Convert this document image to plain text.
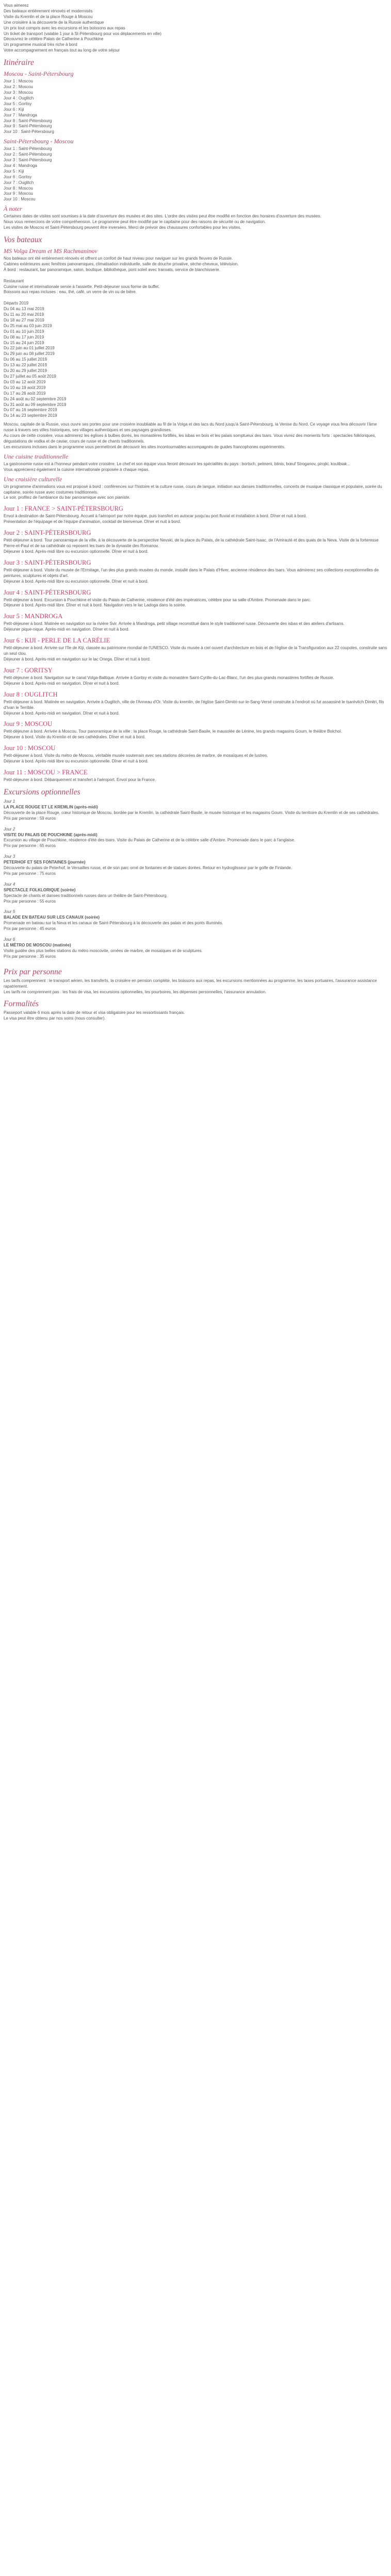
Vous aimerez
Des bateaux entièrement rénovés et modernisés
Visite du Kremlin et de la place Rouge à Moscou
Une croisière à la découverte de la Russie authentique
Un prix tout compris avec les excursions et les boissons aux repas
Un ticket de transport (valable 1 jour à St-Pétersbourg pour vos déplacements en ville)
Découvrez le célèbre Palais de Catherine à Pouchkine
Un programme musical très riche à bord
Votre accompagnement en français tout au long de votre séjour
Itinéraire
Moscou - Saint-Pétersbourg
Jour 1 : Moscou
Jour 2 : Moscou
Jour 3 : Moscou
Jour 4 : Ouglitch
Jour 5 : Goritsy
Jour 6 : Kiji
Jour 7 : Mandroga
Jour 8 : Saint-Pétersbourg
Jour 9 : Saint-Pétersbourg
Jour 10 : Saint-Pétersbourg
Saint-Pétersbourg - Moscou
Jour 1 : Saint-Pétersbourg
Jour 2 : Saint-Pétersbourg
Jour 3 : Saint-Pétersbourg
Jour 4 : Mandroga
Jour 5 : Kiji
Jour 6 : Goritsy
Jour 7 : Ouglitch
Jour 8 : Moscou
Jour 9 : Moscou
Jour 10 : Moscou
À noter
Certaines dates de visites sont soumises à la date d'ouverture des musées et des sites. L'ordre des visites peut être modifié en fonction des horaires d'ouverture des musées.
Nous vous remercions de votre compréhension. Le programme peut être modifié par le capitaine pour des raisons de sécurité ou de navigation.
Les visites de Moscou et Saint-Pétersbourg peuvent être inversées. Merci de prévoir des chaussures confortables pour les visites.
Vos bateaux
MS Volga Dream et MS Rachmaninov
Nos bateaux ont été entièrement rénovés et offrent un confort de haut niveau pour naviguer sur les grands fleuves de Russie.
Cabines extérieures avec fenêtres panoramiques, climatisation individuelle, salle de douche privative, sèche-cheveux, télévision.
À bord : restaurant, bar panoramique, salon, boutique, bibliothèque, pont soleil avec transats, service de blanchisserie.
Restaurant
Cuisine russe et internationale servie à l'assiette. Petit-déjeuner sous forme de buffet.
Boissons aux repas incluses : eau, thé, café, un verre de vin ou de bière.
Départs 2019
Du 04 au 13 mai 2019
Du 11 au 20 mai 2019
Du 18 au 27 mai 2019
Du 25 mai au 03 juin 2019
Du 01 au 10 juin 2019
Du 08 au 17 juin 2019
Du 15 au 24 juin 2019
Du 22 juin au 01 juillet 2019
Du 29 juin au 08 juillet 2019
Du 06 au 15 juillet 2019
Du 13 au 22 juillet 2019
Du 20 au 29 juillet 2019
Du 27 juillet au 05 août 2019
Du 03 au 12 août 2019
Du 10 au 19 août 2019
Du 17 au 26 août 2019
Du 24 août au 02 septembre 2019
Du 31 août au 09 septembre 2019
Du 07 au 16 septembre 2019
Du 14 au 23 septembre 2019
Moscou, capitale de la Russie, vous ouvre ses portes pour une croisière inoubliable au fil de la Volga et des lacs du Nord jusqu'à Saint-Pétersbourg, la Venise du Nord. Ce voyage vous fera découvrir l'âme russe à travers ses villes historiques, ses villages authentiques et ses paysages grandioses.
Au cours de cette croisière, vous admirerez les églises à bulbes dorés, les monastères fortifiés, les isbas en bois et les palais somptueux des tsars. Vous vivrez des moments forts : spectacles folkloriques, dégustations de vodka et de caviar, cours de russe et de chants traditionnels.
Les excursions incluses dans le programme vous permettront de découvrir les sites incontournables accompagnés de guides francophones expérimentés.
Une cuisine traditionnelle
La gastronomie russe est à l'honneur pendant votre croisière. Le chef et son équipe vous feront découvrir les spécialités du pays : bortsch, pelmeni, blinis, bœuf Stroganov, pirojki, koulibiak...
Vous apprécierez également la cuisine internationale proposée à chaque repas.
Une croisière culturelle
Un programme d'animations vous est proposé à bord : conférences sur l'histoire et la culture russe, cours de langue, initiation aux danses traditionnelles, concerts de musique classique et populaire, soirée du capitaine, soirée russe avec costumes traditionnels.
Le soir, profitez de l'ambiance du bar panoramique avec son pianiste.
Jour 1 : FRANCE > SAINT-PÉTERSBOURG
Envol à destination de Saint-Pétersbourg. Accueil à l'aéroport par notre équipe, puis transfert en autocar jusqu'au port fluvial et installation à bord. Dîner et nuit à bord.
Présentation de l'équipage et de l'équipe d'animation, cocktail de bienvenue. Dîner et nuit à bord.
Jour 2 : SAINT-PÉTERSBOURG
Petit-déjeuner à bord. Tour panoramique de la ville, à la découverte de la perspective Nevski, de la place du Palais, de la cathédrale Saint-Isaac, de l'Amirauté et des quais de la Neva. Visite de la forteresse Pierre-et-Paul et de sa cathédrale où reposent les tsars de la dynastie des Romanov.
Déjeuner à bord. Après-midi libre ou excursion optionnelle. Dîner et nuit à bord.
Jour 3 : SAINT-PÉTERSBOURG
Petit-déjeuner à bord. Visite du musée de l'Ermitage, l'un des plus grands musées du monde, installé dans le Palais d'Hiver, ancienne résidence des tsars. Vous admirerez ses collections exceptionnelles de peintures, sculptures et objets d'art.
Déjeuner à bord. Après-midi libre ou excursion optionnelle. Dîner et nuit à bord.
Jour 4 : SAINT-PÉTERSBOURG
Petit-déjeuner à bord. Excursion à Pouchkine et visite du Palais de Catherine, résidence d'été des impératrices, célèbre pour sa salle d'Ambre. Promenade dans le parc.
Déjeuner à bord. Après-midi libre. Dîner et nuit à bord. Navigation vers le lac Ladoga dans la soirée.
Jour 5 : MANDROGA
Petit-déjeuner à bord. Matinée en navigation sur la rivière Svir. Arrivée à Mandroga, petit village reconstitué dans le style traditionnel russe. Découverte des isbas et des ateliers d'artisans.
Déjeuner pique-nique. Après-midi en navigation. Dîner et nuit à bord.
Jour 6 : KIJI - PERLE DE LA CARÉLIE
Petit-déjeuner à bord. Arrivée sur l'île de Kiji, classée au patrimoine mondial de l'UNESCO. Visite du musée à ciel ouvert d'architecture en bois et de l'église de la Transfiguration aux 22 coupoles, construite sans un seul clou.
Déjeuner à bord. Après-midi en navigation sur le lac Onega. Dîner et nuit à bord.
Jour 7 : GORITSY
Petit-déjeuner à bord. Navigation sur le canal Volga-Baltique. Arrivée à Goritsy et visite du monastère Saint-Cyrille-du-Lac-Blanc, l'un des plus grands monastères fortifiés de Russie.
Déjeuner à bord. Après-midi en navigation. Dîner et nuit à bord.
Jour 8 : OUGLITCH
Petit-déjeuner à bord. Matinée en navigation. Arrivée à Ouglitch, ville de l'Anneau d'Or. Visite du kremlin, de l'église Saint-Dimitri-sur-le-Sang-Versé construite à l'endroit où fut assassiné le tsarévitch Dimitri, fils d'Ivan le Terrible.
Déjeuner à bord. Après-midi en navigation. Dîner et nuit à bord.
Jour 9 : MOSCOU
Petit-déjeuner à bord. Arrivée à Moscou. Tour panoramique de la ville : la place Rouge, la cathédrale Saint-Basile, le mausolée de Lénine, les grands magasins Goum, le théâtre Bolchoï.
Déjeuner à bord. Visite du Kremlin et de ses cathédrales. Dîner et nuit à bord.
Jour 10 : MOSCOU
Petit-déjeuner à bord. Visite du métro de Moscou, véritable musée souterrain avec ses stations décorées de marbre, de mosaïques et de lustres.
Déjeuner à bord. Après-midi libre ou excursion optionnelle. Dîner et nuit à bord.
Jour 11 : MOSCOU > FRANCE
Petit-déjeuner à bord. Débarquement et transfert à l'aéroport. Envol pour la France.
Excursions optionnelles
Jour 1
LA PLACE ROUGE ET LE KREMLIN (après-midi)
Découverte de la place Rouge, cœur historique de Moscou, bordée par le Kremlin, la cathédrale Saint-Basile, le musée historique et les magasins Goum. Visite du territoire du Kremlin et de ses cathédrales.
Prix par personne : 59 euros
Jour 2
VISITE DU PALAIS DE POUCHKINE (après-midi)
Excursion au village de Pouchkine, résidence d'été des tsars. Visite du Palais de Catherine et de la célèbre salle d'Ambre. Promenade dans le parc à l'anglaise.
Prix par personne : 65 euros
Jour 3
PETERHOF ET SES FONTAINES (journée)
Découverte du palais de Peterhof, le Versailles russe, et de son parc orné de fontaines et de statues dorées. Retour en hydroglisseur par le golfe de Finlande.
Prix par personne : 75 euros
Jour 4
SPECTACLE FOLKLORIQUE (soirée)
Spectacle de chants et danses traditionnels russes dans un théâtre de Saint-Pétersbourg.
Prix par personne : 55 euros
Jour 5
BALADE EN BATEAU SUR LES CANAUX (soirée)
Promenade en bateau sur la Neva et les canaux de Saint-Pétersbourg à la découverte des palais et des ponts illuminés.
Prix par personne : 45 euros
Jour 6
LE MÉTRO DE MOSCOU (matinée)
Visite guidée des plus belles stations du métro moscovite, ornées de marbre, de mosaïques et de sculptures.
Prix par personne : 35 euros
Prix par personne
Les tarifs comprennent : le transport aérien, les transferts, la croisière en pension complète, les boissons aux repas, les excursions mentionnées au programme, les taxes portuaires, l'assurance assistance rapatriement.
Les tarifs ne comprennent pas : les frais de visa, les excursions optionnelles, les pourboires, les dépenses personnelles, l'assurance annulation.
Formalités
Passeport valable 6 mois après la date de retour et visa obligatoire pour les ressortissants français.
Le visa peut être obtenu par nos soins (nous consulter).
